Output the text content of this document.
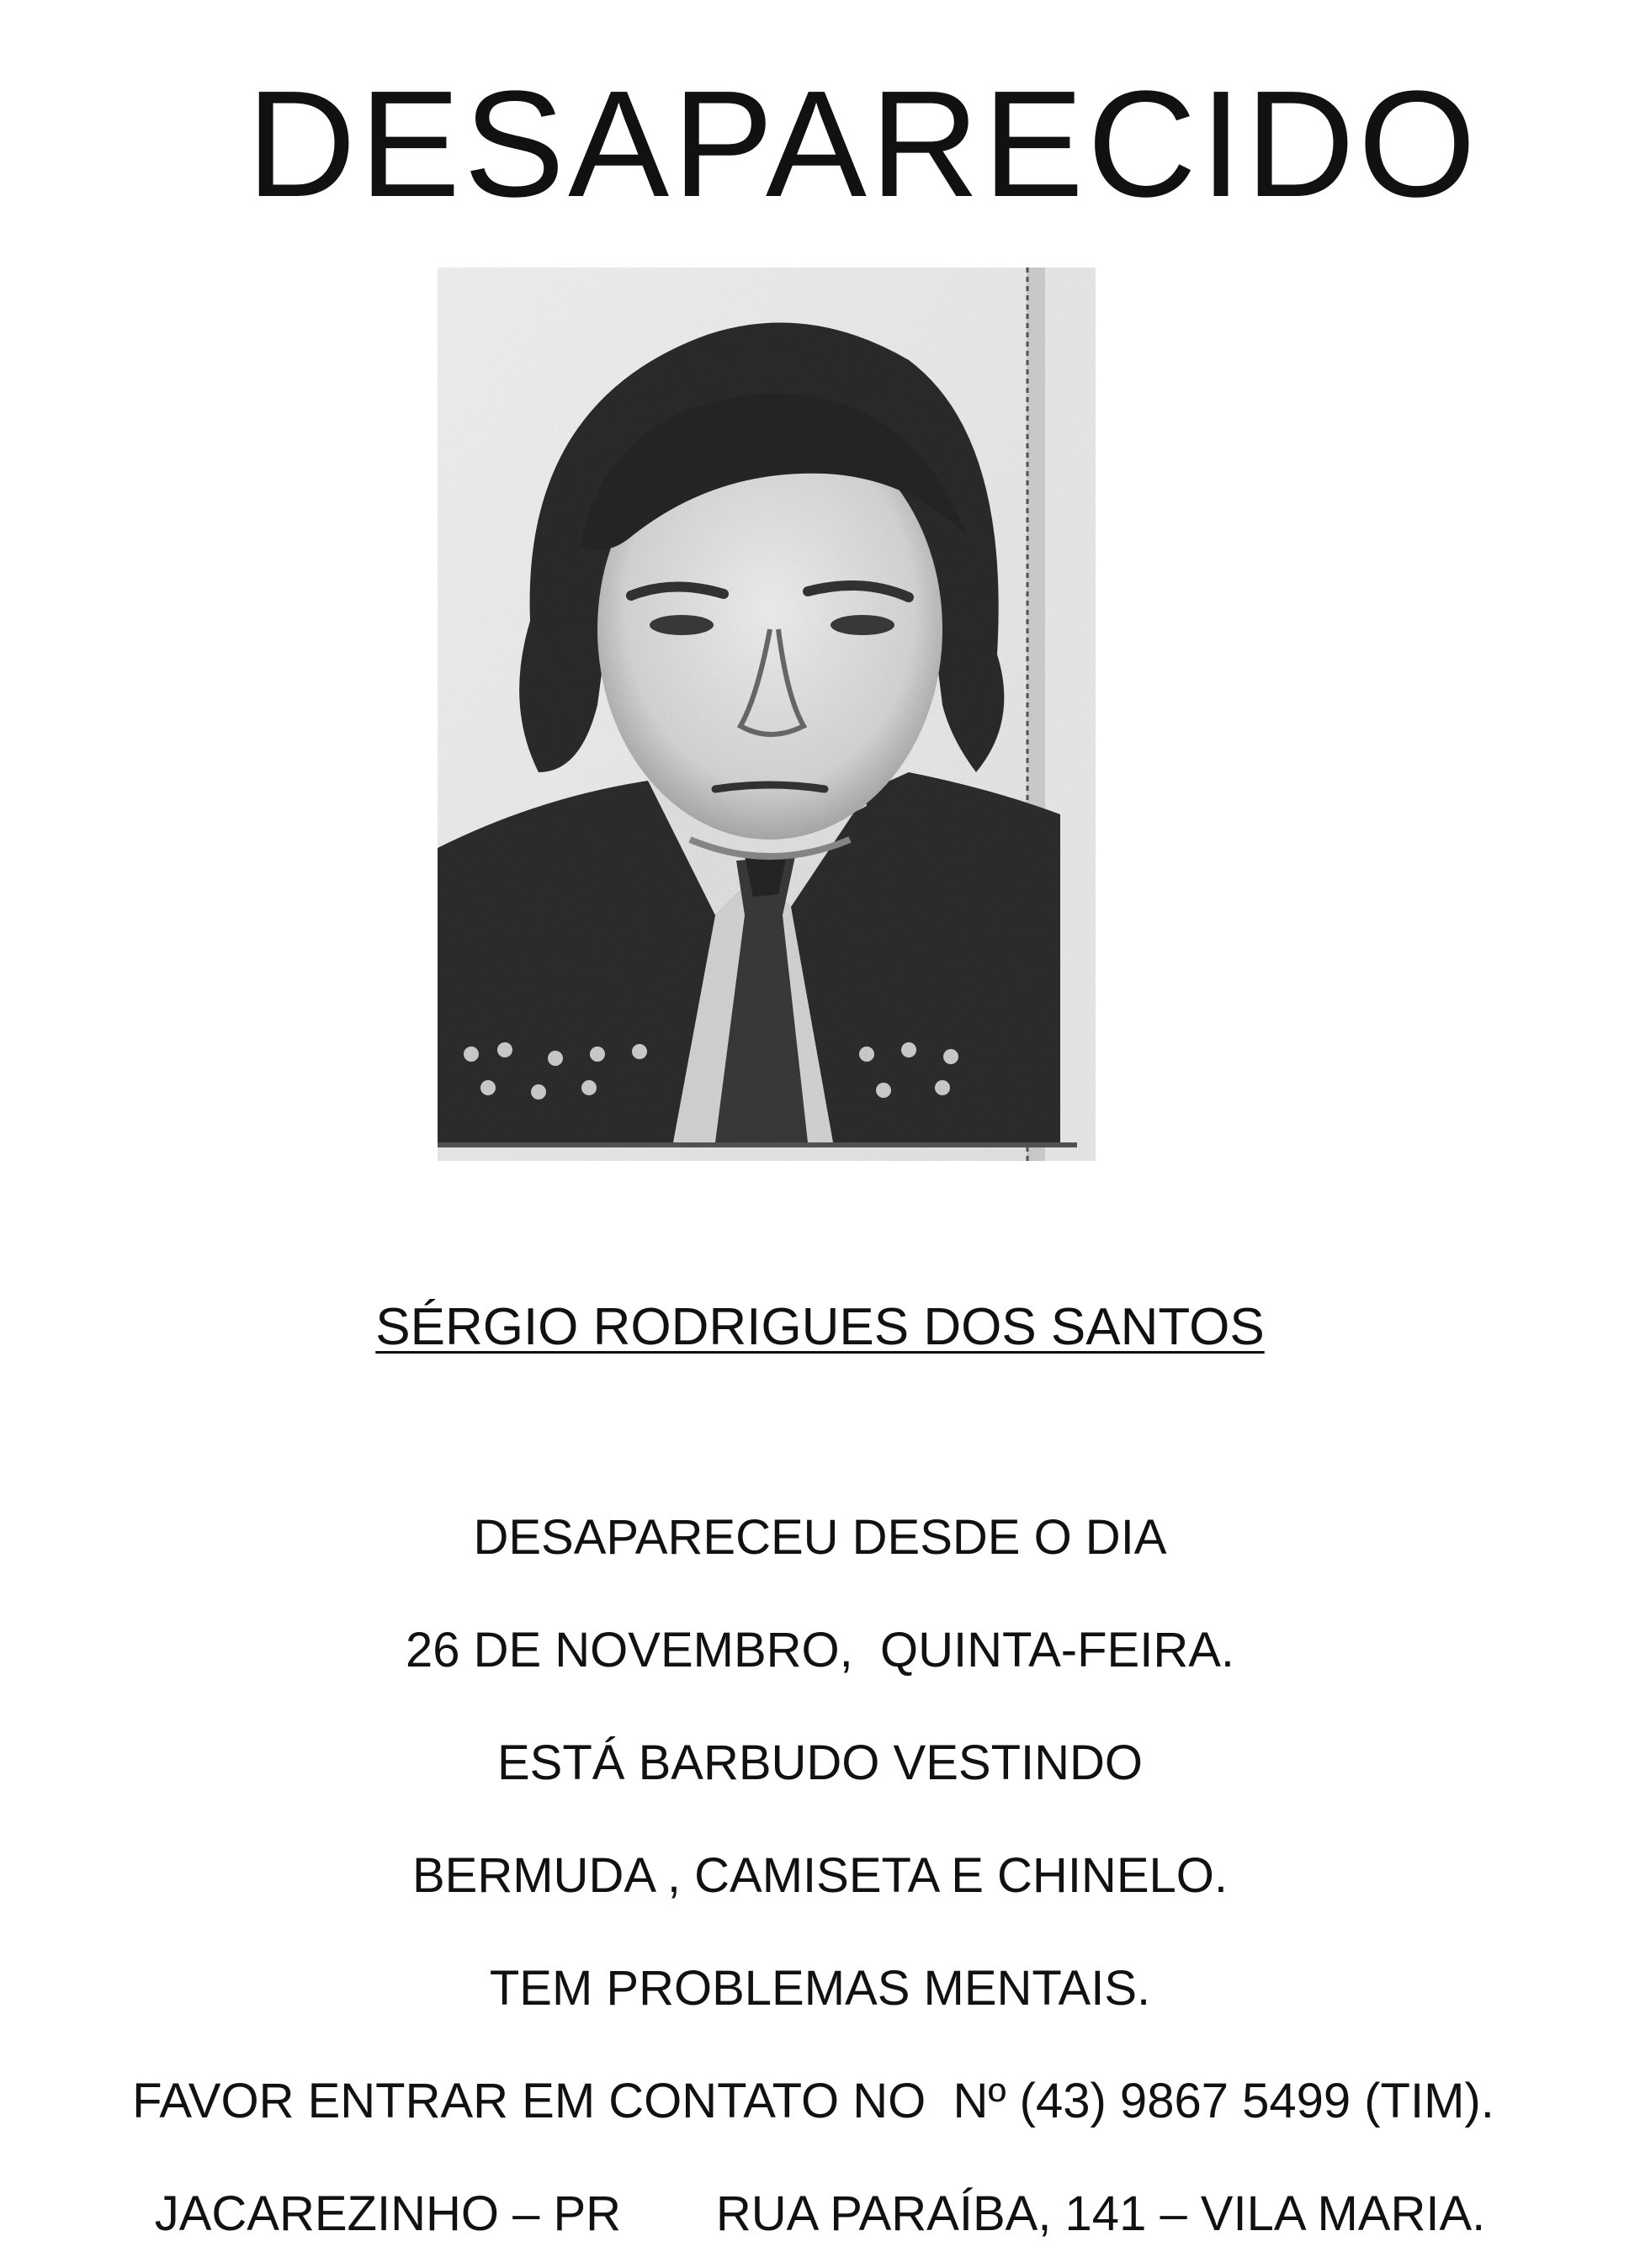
DESAPARECIDO
SÉRGIO RODRIGUES DOS SANTOS
DESAPARECEU DESDE O DIA
26 DE NOVEMBRO,  QUINTA-FEIRA.
ESTÁ BARBUDO VESTINDO
BERMUDA , CAMISETA E CHINELO.
TEM PROBLEMAS MENTAIS.
FAVOR ENTRAR EM CONTATO NO  Nº (43) 9867 5499 (TIM).
JACAREZINHO – PR       RUA PARAÍBA, 141 – VILA MARIA.
